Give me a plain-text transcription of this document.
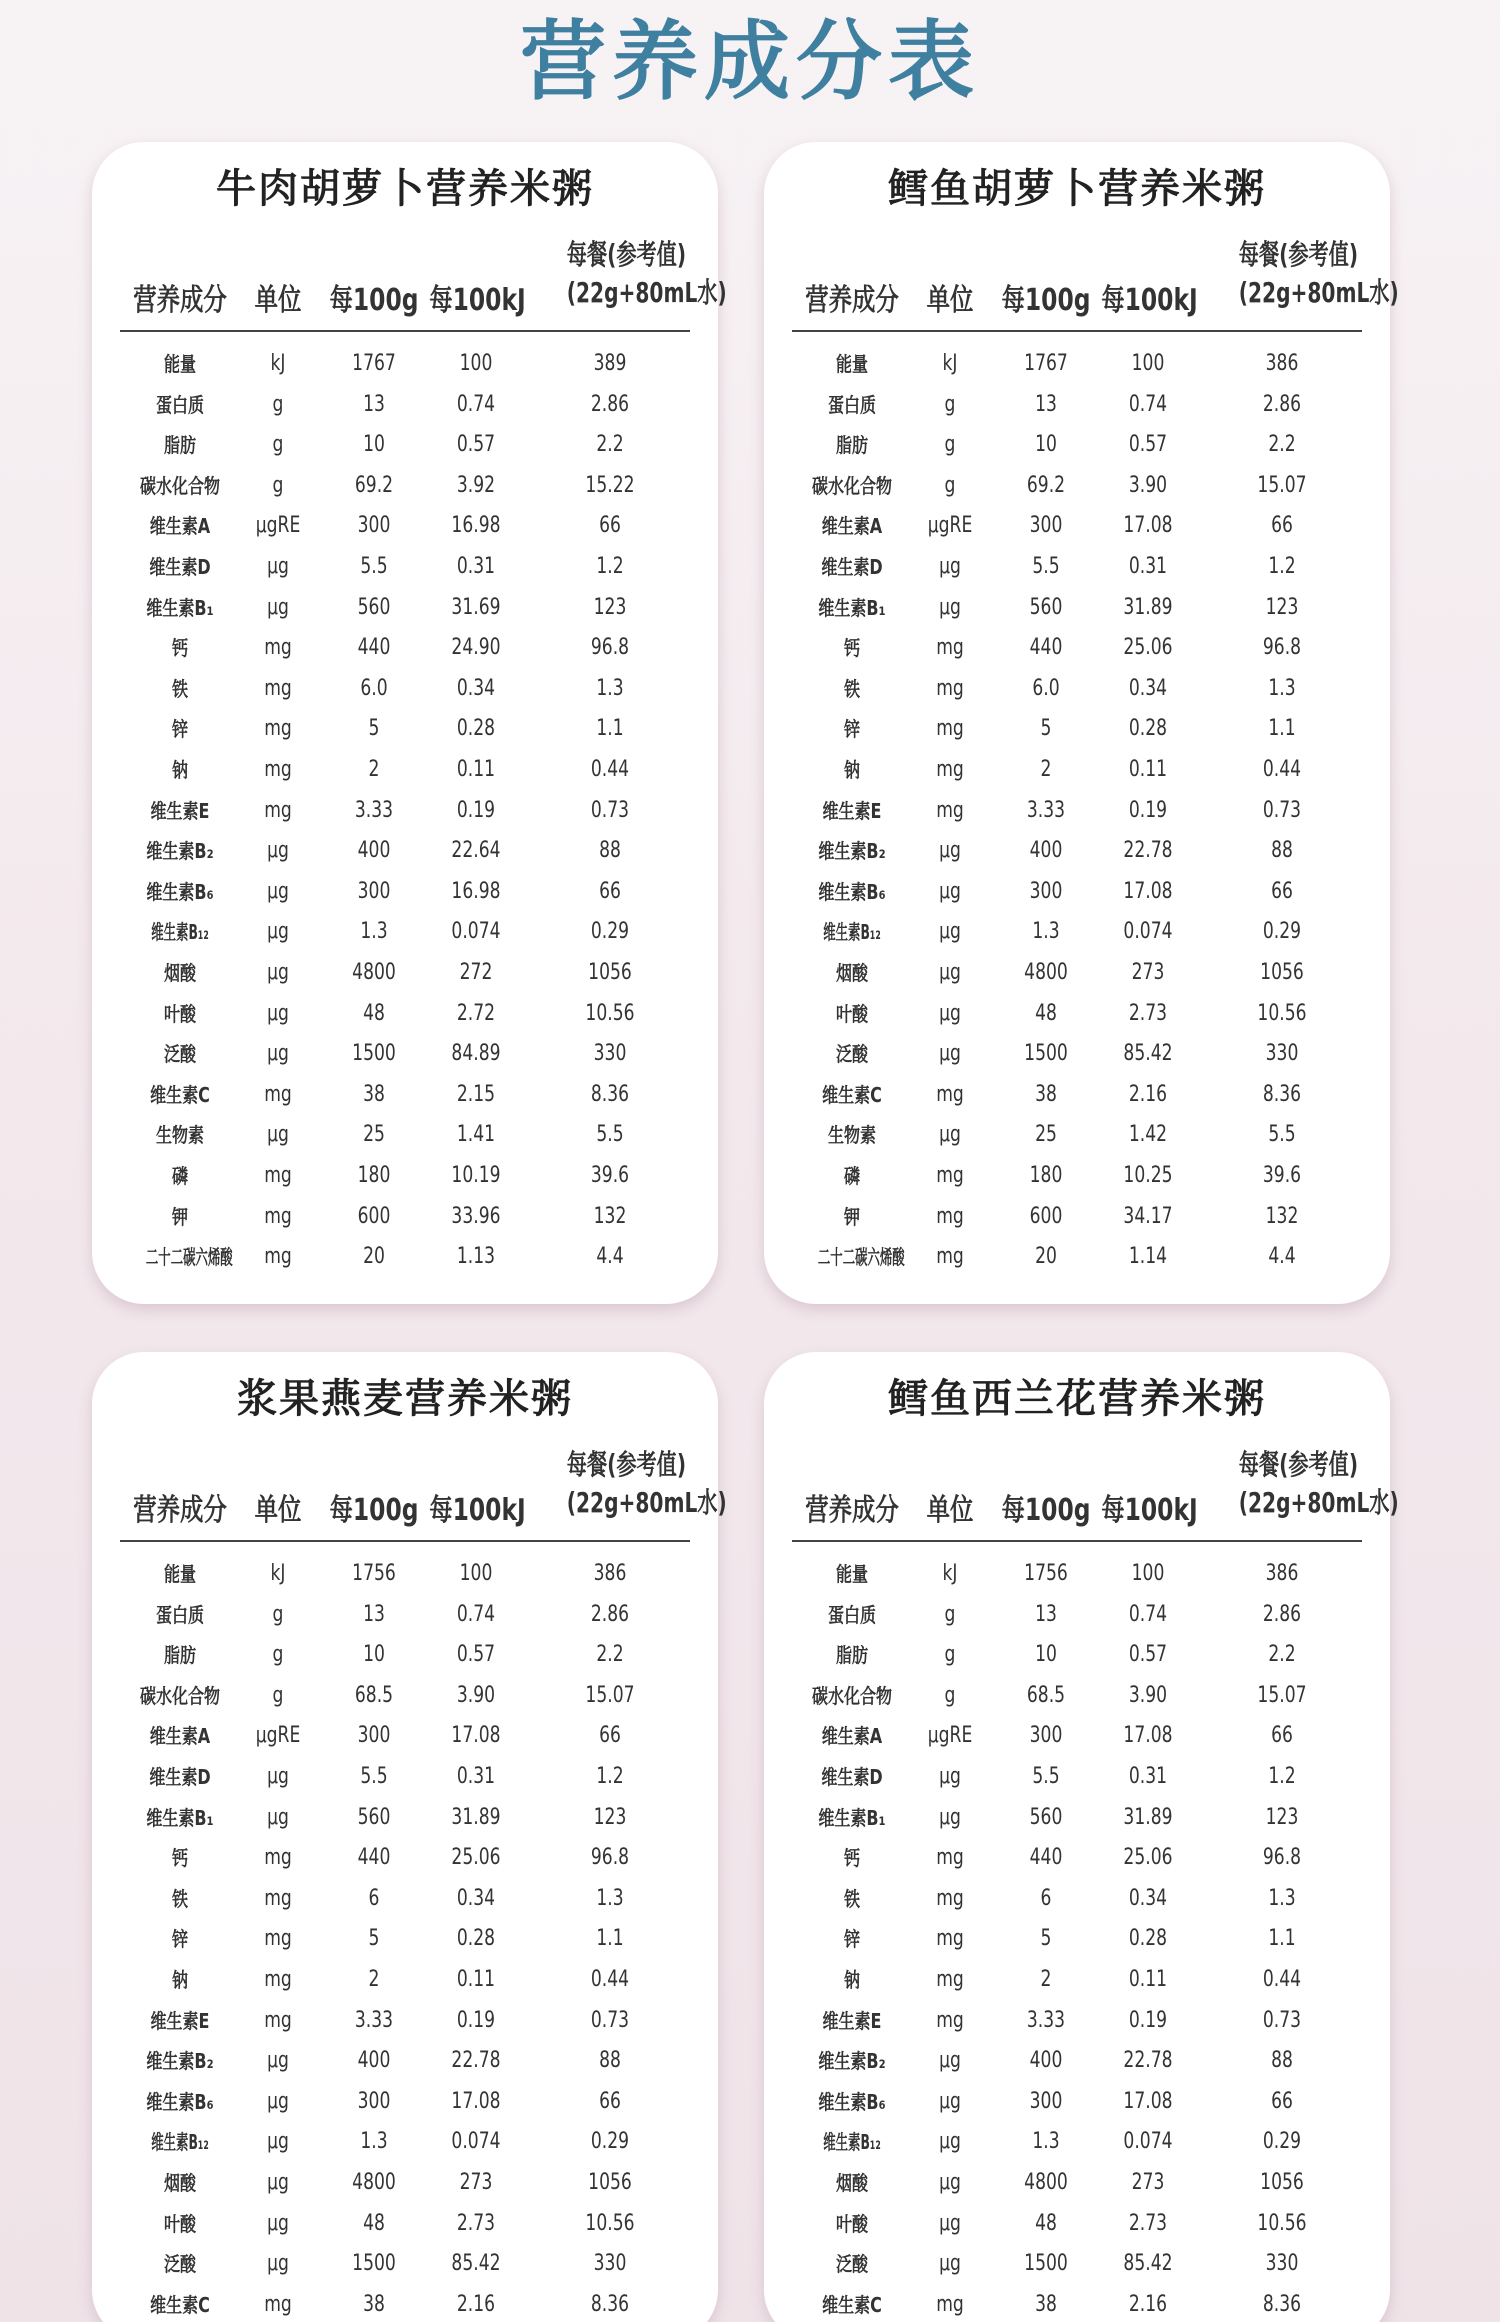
营养成分表
牛肉胡萝卜营养米粥
营养成分 单位 每100g 每100kJ
每餐(参考值)
(22g+80mL水)
能量	kJ	1767	100	389
蛋白质	g	13	0.74	2.86
脂肪	g	10	0.57	2.2
碳水化合物	g	69.2	3.92	15.22
维生素A	μgRE	300	16.98	66
维生素D	μg	5.5	0.31	1.2
维生素B₁	μg	560	31.69	123
钙	mg	440	24.90	96.8
铁	mg	6.0	0.34	1.3
锌	mg	5	0.28	1.1
钠	mg	2	0.11	0.44
维生素E	mg	3.33	0.19	0.73
维生素B₂	μg	400	22.64	88
维生素B₆	μg	300	16.98	66
维生素B₁₂	μg	1.3	0.074	0.29
烟酸	μg	4800	272	1056
叶酸	μg	48	2.72	10.56
泛酸	μg	1500	84.89	330
维生素C	mg	38	2.15	8.36
生物素	μg	25	1.41	5.5
磷	mg	180	10.19	39.6
钾	mg	600	33.96	132
二十二碳六烯酸	mg	20	1.13	4.4
鳕鱼胡萝卜营养米粥
营养成分 单位 每100g 每100kJ
每餐(参考值)
(22g+80mL水)
能量	kJ	1767	100	386
蛋白质	g	13	0.74	2.86
脂肪	g	10	0.57	2.2
碳水化合物	g	69.2	3.90	15.07
维生素A	μgRE	300	17.08	66
维生素D	μg	5.5	0.31	1.2
维生素B₁	μg	560	31.89	123
钙	mg	440	25.06	96.8
铁	mg	6.0	0.34	1.3
锌	mg	5	0.28	1.1
钠	mg	2	0.11	0.44
维生素E	mg	3.33	0.19	0.73
维生素B₂	μg	400	22.78	88
维生素B₆	μg	300	17.08	66
维生素B₁₂	μg	1.3	0.074	0.29
烟酸	μg	4800	273	1056
叶酸	μg	48	2.73	10.56
泛酸	μg	1500	85.42	330
维生素C	mg	38	2.16	8.36
生物素	μg	25	1.42	5.5
磷	mg	180	10.25	39.6
钾	mg	600	34.17	132
二十二碳六烯酸	mg	20	1.14	4.4
浆果燕麦营养米粥
营养成分 单位 每100g 每100kJ
每餐(参考值)
(22g+80mL水)
能量	kJ	1756	100	386
蛋白质	g	13	0.74	2.86
脂肪	g	10	0.57	2.2
碳水化合物	g	68.5	3.90	15.07
维生素A	μgRE	300	17.08	66
维生素D	μg	5.5	0.31	1.2
维生素B₁	μg	560	31.89	123
钙	mg	440	25.06	96.8
铁	mg	6	0.34	1.3
锌	mg	5	0.28	1.1
钠	mg	2	0.11	0.44
维生素E	mg	3.33	0.19	0.73
维生素B₂	μg	400	22.78	88
维生素B₆	μg	300	17.08	66
维生素B₁₂	μg	1.3	0.074	0.29
烟酸	μg	4800	273	1056
叶酸	μg	48	2.73	10.56
泛酸	μg	1500	85.42	330
维生素C	mg	38	2.16	8.36
鳕鱼西兰花营养米粥
营养成分 单位 每100g 每100kJ
每餐(参考值)
(22g+80mL水)
能量	kJ	1756	100	386
蛋白质	g	13	0.74	2.86
脂肪	g	10	0.57	2.2
碳水化合物	g	68.5	3.90	15.07
维生素A	μgRE	300	17.08	66
维生素D	μg	5.5	0.31	1.2
维生素B₁	μg	560	31.89	123
钙	mg	440	25.06	96.8
铁	mg	6	0.34	1.3
锌	mg	5	0.28	1.1
钠	mg	2	0.11	0.44
维生素E	mg	3.33	0.19	0.73
维生素B₂	μg	400	22.78	88
维生素B₆	μg	300	17.08	66
维生素B₁₂	μg	1.3	0.074	0.29
烟酸	μg	4800	273	1056
叶酸	μg	48	2.73	10.56
泛酸	μg	1500	85.42	330
维生素C	mg	38	2.16	8.36
